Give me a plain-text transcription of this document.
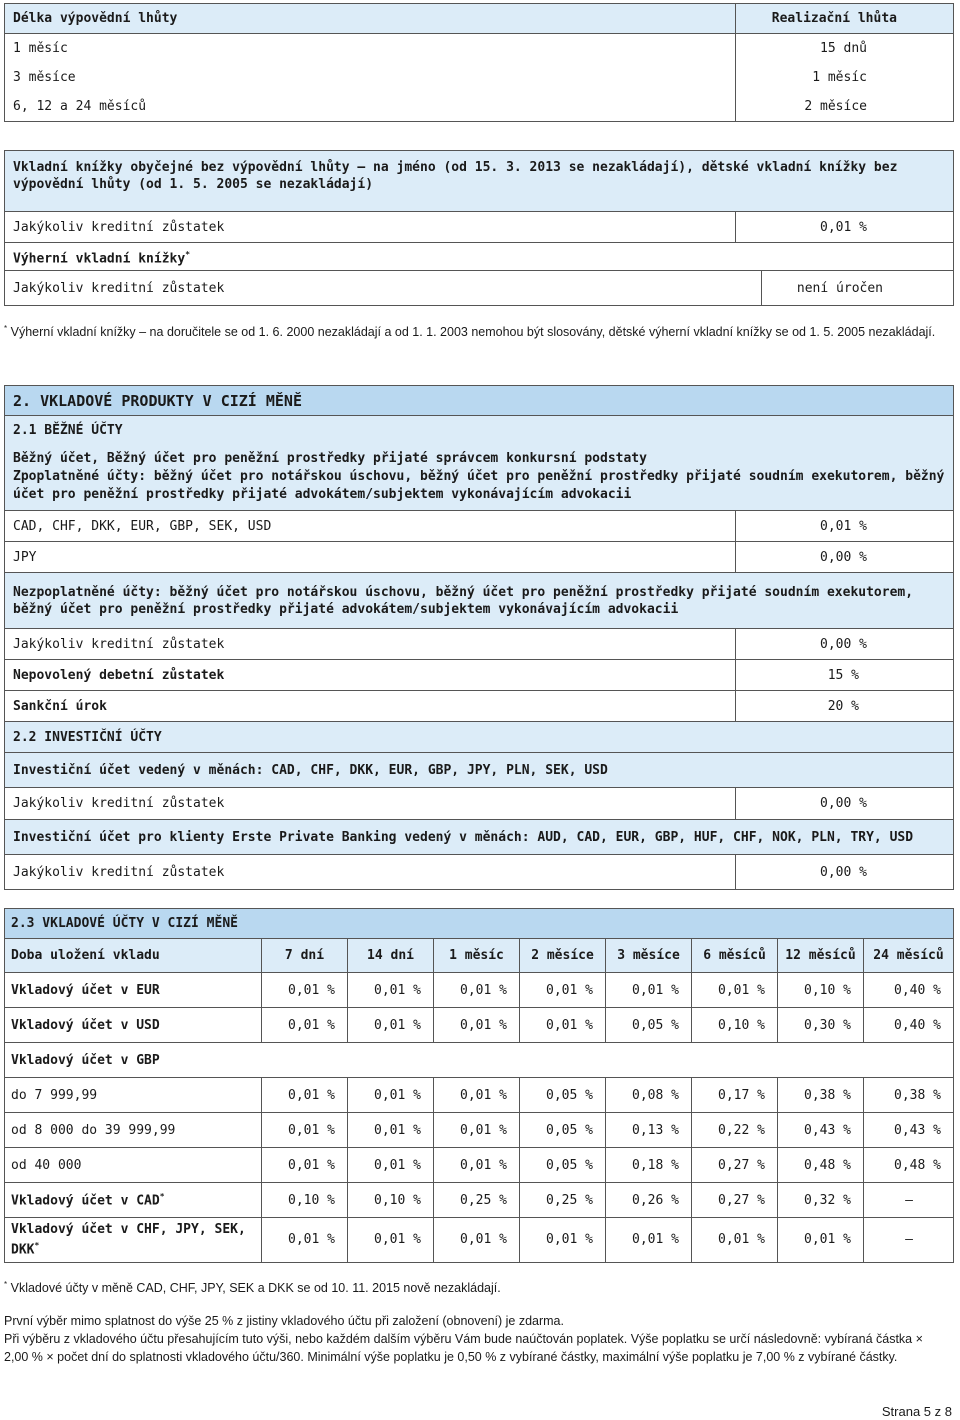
Délka výpovědní lhůty	Realizační lhůta
1 měsíc	15 dnů
3 měsíce	1 měsíc
6, 12 a 24 měsíců	2 měsíce
Vkladní knížky obyčejné bez výpovědní lhůty – na jméno (od 15. 3. 2013 se nezakládají), dětské vkladní knížky bez výpovědní lhůty (od 1. 5. 2005 se nezakládají)
Jakýkoliv kreditní zůstatek	0,01 %
Výherní vkladní knížky*
Jakýkoliv kreditní zůstatek	není úročen
* Výherní vkladní knížky – na doručitele se od 1. 6. 2000 nezakládají a od 1. 1. 2003 nemohou být slosovány, dětské výherní vkladní knížky se od 1. 5. 2005 nezakládají.
2. VKLADOVÉ PRODUKTY V CIZÍ MĚNĚ	
2.1 BĚŽNÉ ÚČTY	

Běžný účet, Běžný účet pro peněžní prostředky přijaté správcem konkursní podstaty
Zpoplatněné účty: běžný účet pro notářskou úschovu, běžný účet pro peněžní prostředky přijaté soudním exekutorem, běžný účet pro peněžní prostředky přijaté advokátem/subjektem vykonávajícím advokacii	

CAD, CHF, DKK, EUR, GBP, SEK, USD	0,01 %
JPY	0,00 %
Nezpoplatněné účty: běžný účet pro notářskou úschovu, běžný účet pro peněžní prostředky přijaté soudním exekutorem, běžný účet pro peněžní prostředky přijaté advokátem/subjektem vykonávajícím advokacii	
Jakýkoliv kreditní zůstatek	0,00 %
Nepovolený debetní zůstatek	15 %
Sankční úrok	20 %
2.2 INVESTIČNÍ ÚČTY	
Investiční účet vedený v měnách: CAD, CHF, DKK, EUR, GBP, JPY, PLN, SEK, USD	
Jakýkoliv kreditní zůstatek	0,00 %
Investiční účet pro klienty Erste Private Banking vedený v měnách: AUD, CAD, EUR, GBP, HUF, CHF, NOK, PLN, TRY, USD	
Jakýkoliv kreditní zůstatek	0,00 %
2.3 VKLADOVÉ ÚČTY V CIZÍ MĚNĚ								
Doba uložení vkladu	7 dní	14 dní	1 měsíc	2 měsíce	3 měsíce	6 měsíců	12 měsíců	24 měsíců
Vkladový účet v EUR	0,01 %	0,01 %	0,01 %	0,01 %	0,01 %	0,01 %	0,10 %	0,40 %
Vkladový účet v USD	0,01 %	0,01 %	0,01 %	0,01 %	0,05 %	0,10 %	0,30 %	0,40 %
Vkladový účet v GBP								
do 7 999,99	0,01 %	0,01 %	0,01 %	0,05 %	0,08 %	0,17 %	0,38 %	0,38 %
od 8 000 do 39 999,99	0,01 %	0,01 %	0,01 %	0,05 %	0,13 %	0,22 %	0,43 %	0,43 %
od 40 000	0,01 %	0,01 %	0,01 %	0,05 %	0,18 %	0,27 %	0,48 %	0,48 %
Vkladový účet v CAD*	0,10 %	0,10 %	0,25 %	0,25 %	0,26 %	0,27 %	0,32 %	–
Vkladový účet v CHF, JPY, SEK, DKK*	0,01 %	0,01 %	0,01 %	0,01 %	0,01 %	0,01 %	0,01 %	–
* Vkladové účty v měně CAD, CHF, JPY, SEK a DKK se od 10. 11. 2015 nově nezakládají.
První výběr mimo splatnost do výše 25 % z jistiny vkladového účtu při založení (obnovení) je zdarma.
Při výběru z vkladového účtu přesahujícím tuto výši, nebo každém dalším výběru Vám bude naúčtován poplatek. Výše poplatku se určí následovně: vybíraná částka × 2,00 % × počet dní do splatnosti vkladového účtu/360. Minimální výše poplatku je 0,50 % z vybírané částky, maximální výše poplatku je 7,00 % z vybírané částky.
Strana 5 z 8
